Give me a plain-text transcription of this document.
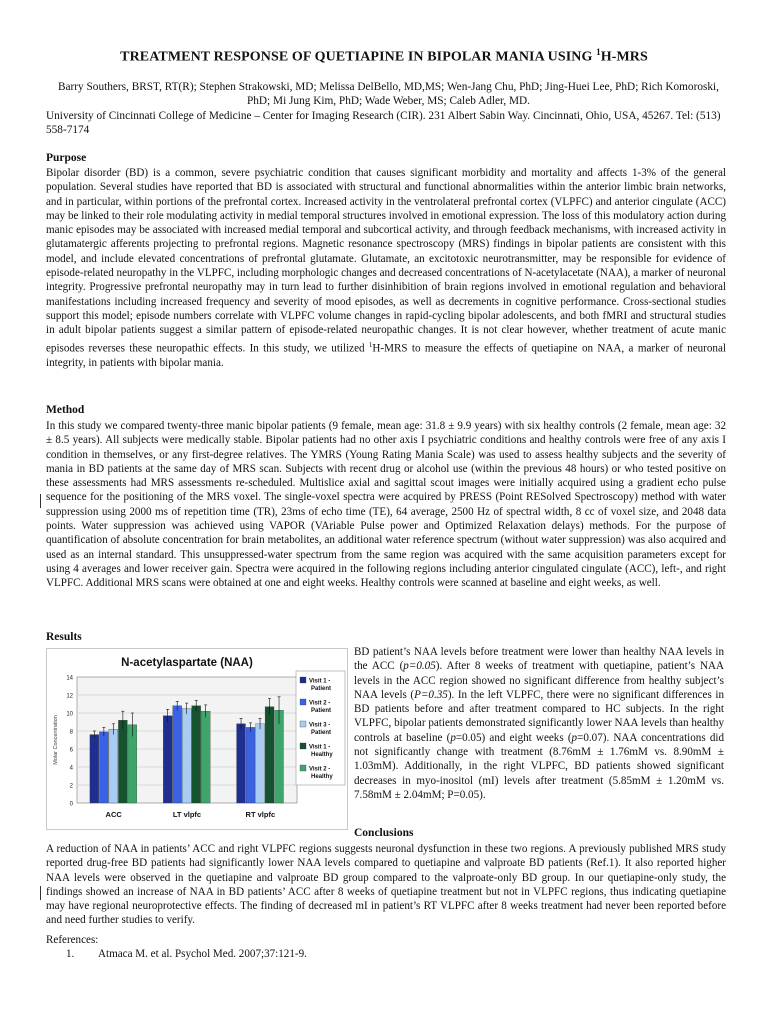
TREATMENT RESPONSE OF QUETIAPINE IN BIPOLAR MANIA USING $^1$H-MRS
Barry Southers, BRST, RT(R); Stephen Strakowski, MD; Melissa DelBello, MD,MS; Wen-Jang Chu, PhD; Jing-Huei Lee, PhD; Rich Komoroski, PhD; Mi Jung Kim, PhD; Wade Weber, MS; Caleb Adler, MD.
University of Cincinnati College of Medicine – Center for Imaging Research (CIR). 231 Albert Sabin Way. Cincinnati, Ohio, USA, 45267. Tel: (513) 558-7174
Purpose
Bipolar disorder (BD) is a common, severe psychiatric condition that causes significant morbidity and mortality and affects 1-3% of the general population. Several studies have reported that BD is associated with structural and functional abnormalities within the anterior limbic brain networks, and in particular, within portions of the prefrontal cortex. Increased activity in the ventrolateral prefrontal cortex (VLPFC) and anterior cingulate (ACC) may be linked to their role modulating activity in medial temporal structures involved in emotional expression. The loss of this modulatory action during manic episodes may be associated with increased medial temporal and subcortical activity, and through feedback mechanisms, with increased activity in glutamatergic afferents projecting to prefrontal regions. Magnetic resonance spectroscopy (MRS) findings in bipolar patients are consistent with this model, and include elevated concentrations of prefrontal glutamate. Glutamate, an excitotoxic neurotransmitter, may be responsible for evidence of episode-related neuropathy in the VLPFC, including morphologic changes and decreased concentrations of N-acetylacetate (NAA), a marker of neuronal integrity. Progressive prefrontal neuropathy may in turn lead to further disinhibition of brain regions involved in emotional regulation and behavioral manifestations including increased frequency and severity of mood episodes, as well as decrements in cognitive performance. Cross-sectional studies support this model; episode numbers correlate with VLPFC volume changes in rapid-cycling bipolar adolescents, and both fMRI and structural studies in adult bipolar patients suggest a similar pattern of episode-related neuropathic changes. It is not clear however, whether treatment of acute manic episodes reverses these neuropathic effects. In this study, we utilized $^1$H-MRS to measure the effects of quetiapine on NAA, a marker of neuronal integrity, in patients with bipolar mania.
Method
In this study we compared twenty-three manic bipolar patients (9 female, mean age: 31.8 ± 9.9 years) with six healthy controls (2 female, mean age: 32 ± 8.5 years). All subjects were medically stable. Bipolar patients had no other axis I psychiatric conditions and healthy controls were free of any axis I condition in themselves, or any first-degree relatives. The YMRS (Young Rating Mania Scale) was used to assess healthy subjects and the severity of mania in BD patients at the same day of MRS scan. Subjects with recent drug or alcohol use (within the previous 48 hours) or who tested positive on these assessments had MRS assessments re-scheduled. Multislice axial and sagittal scout images were initially acquired using a gradient echo pulse sequence for the positioning of the MRS voxel. The single-voxel spectra were acquired by PRESS (Point RESolved Spectroscopy) method with water suppression using 2000 ms of repetition time (TR), 23ms of echo time (TE), 64 average, 2500 Hz of spectral width, 8 cc of voxel size, and 2048 data points. Water suppression was achieved using VAPOR (VAriable Pulse power and Optimized Relaxation delays) methods. For the purpose of quantification of absolute concentration for brain metabolites, an additional water reference spectrum (without water suppression) was also acquired and used as an internal standard. This unsuppressed-water spectrum from the same region was acquired with the same acquisition parameters except for using 4 averages and lower receiver gain. Spectra were acquired in the following regions including anterior cingulated cingulate (ACC), left-, and right VLPFC. Additional MRS scans were obtained at one and eight weeks. Healthy controls were scanned at baseline and eight weeks, as well.
Results
N-acetylaspartate (NAA)
0
2
4
6
8
10
12
14
Molar Concentration
ACC	LT vlpfc	RT vlpfc
Visit 1 -
Patient
Visit 2 -
Patient
Visit 3 -
Patient
Visit 1 -
Healthy
Visit 2 -
Healthy
BD patient’s NAA levels before treatment were lower than healthy NAA levels in the ACC (p=0.05). After 8 weeks of treatment with quetiapine, patient’s NAA levels in the ACC region showed no significant difference from healthy subject’s NAA levels (P=0.35). In the left VLPFC, there were no significant differences in BD patients before and after treatment compared to HC subjects. In the right VLPFC, bipolar patients demonstrated significantly lower NAA levels than healthy controls at baseline (p=0.05) and eight weeks (p=0.07). NAA concentrations did not significantly change with treatment (8.76mM ± 1.76mM vs. 8.90mM ± 1.03mM). Additionally, in the right VLPFC, BD patients showed significant decreases in myo-inositol (mI) levels after treatment (5.85mM ± 1.20mM vs. 7.58mM ± 2.04mM; P=0.05).
Conclusions
A reduction of NAA in patients’ ACC and right VLPFC regions suggests neuronal dysfunction in these two regions. A previously published MRS study reported drug-free BD patients had significantly lower NAA levels compared to quetiapine and valproate BD patients (Ref.1). It also reported higher NAA levels were observed in the quetiapine and valproate BD group compared to the valproate-only BD group. In our quetiapine-only study, the findings showed an increase of NAA in BD patients’ ACC after 8 weeks of quetiapine treatment but not in VLPFC regions, thus indicating quetiapine may have regional neuroprotective effects. The finding of decreased mI in patient’s RT VLPFC after 8 weeks treatment had never been reported before and need further studies to verify.
References:
1. Atmaca M. et al. Psychol Med. 2007;37:121-9.
